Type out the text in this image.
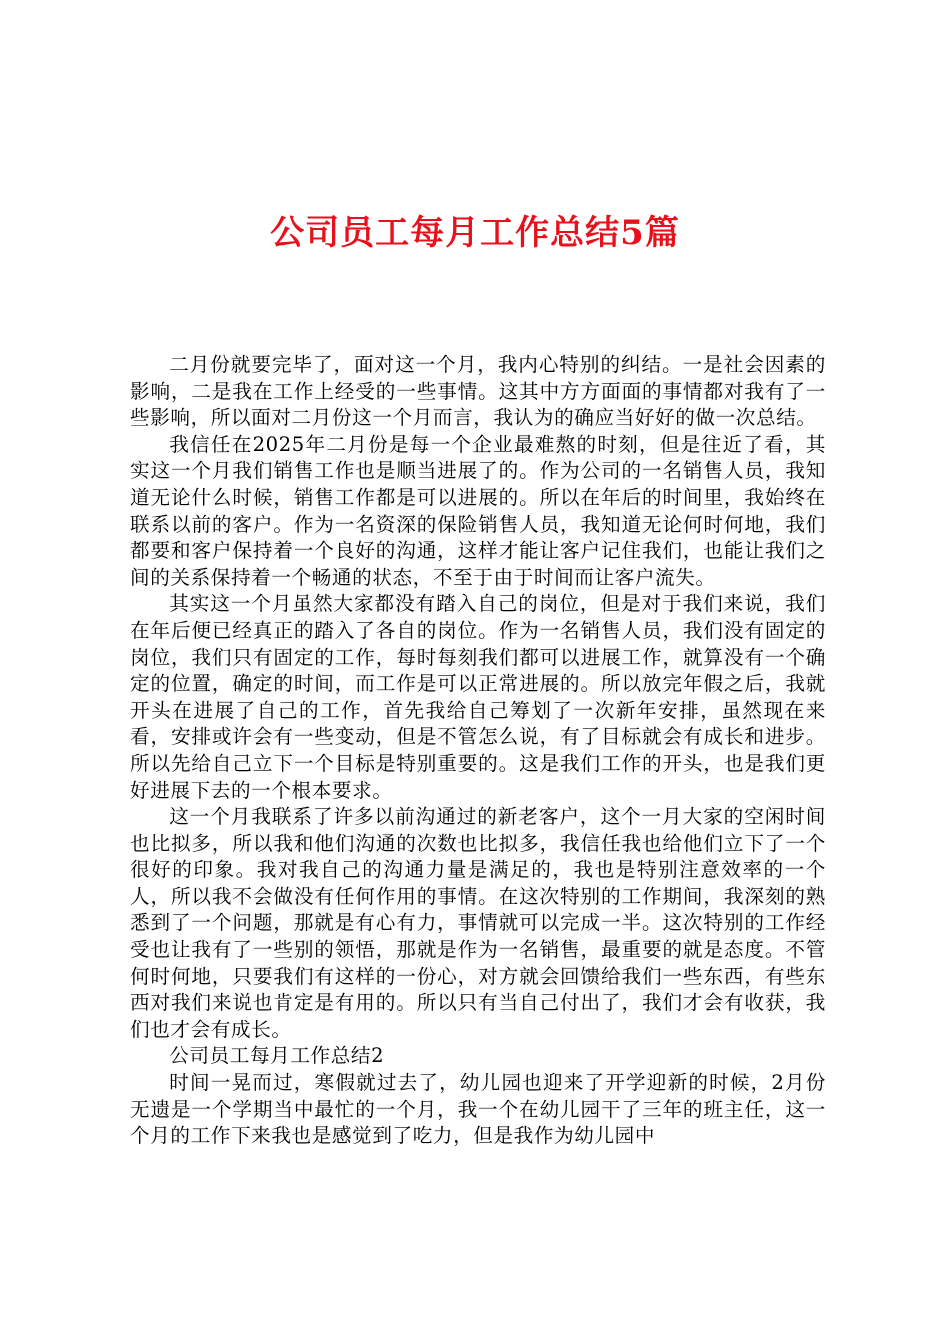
公司员工每月工作总结5篇

二月份就要完毕了，面对这一个月，我内心特别的纠结。一是社会因素的影响，二是我在工作上经受的一些事情。这其中方方面面的事情都对我有了一些影响，所以面对二月份这一个月而言，我认为的确应当好好的做一次总结。

我信任在2025年二月份是每一个企业最难熬的时刻，但是往近了看，其实这一个月我们销售工作也是顺当进展了的。作为公司的一名销售人员，我知道无论什么时候，销售工作都是可以进展的。所以在年后的时间里，我始终在联系以前的客户。作为一名资深的保险销售人员，我知道无论何时何地，我们都要和客户保持着一个良好的沟通，这样才能让客户记住我们，也能让我们之间的关系保持着一个畅通的状态，不至于由于时间而让客户流失。

其实这一个月虽然大家都没有踏入自己的岗位，但是对于我们来说，我们在年后便已经真正的踏入了各自的岗位。作为一名销售人员，我们没有固定的岗位，我们只有固定的工作，每时每刻我们都可以进展工作，就算没有一个确定的位置，确定的时间，而工作是可以正常进展的。所以放完年假之后，我就开头在进展了自己的工作，首先我给自己筹划了一次新年安排，虽然现在来看，安排或许会有一些变动，但是不管怎么说，有了目标就会有成长和进步。所以先给自己立下一个目标是特别重要的。这是我们工作的开头，也是我们更好进展下去的一个根本要求。

这一个月我联系了许多以前沟通过的新老客户，这个一月大家的空闲时间也比拟多，所以我和他们沟通的次数也比拟多，我信任我也给他们立下了一个很好的印象。我对我自己的沟通力量是满足的，我也是特别注意效率的一个人，所以我不会做没有任何作用的事情。在这次特别的工作期间，我深刻的熟悉到了一个问题，那就是有心有力，事情就可以完成一半。这次特别的工作经受也让我有了一些别的领悟，那就是作为一名销售，最重要的就是态度。不管何时何地，只要我们有这样的一份心，对方就会回馈给我们一些东西，有些东西对我们来说也肯定是有用的。所以只有当自己付出了，我们才会有收获，我们也才会有成长。

公司员工每月工作总结2

时间一晃而过，寒假就过去了，幼儿园也迎来了开学迎新的时候，2月份无遗是一个学期当中最忙的一个月，我一个在幼儿园干了三年的班主任，这一个月的工作下来我也是感觉到了吃力，但是我作为幼儿园中
